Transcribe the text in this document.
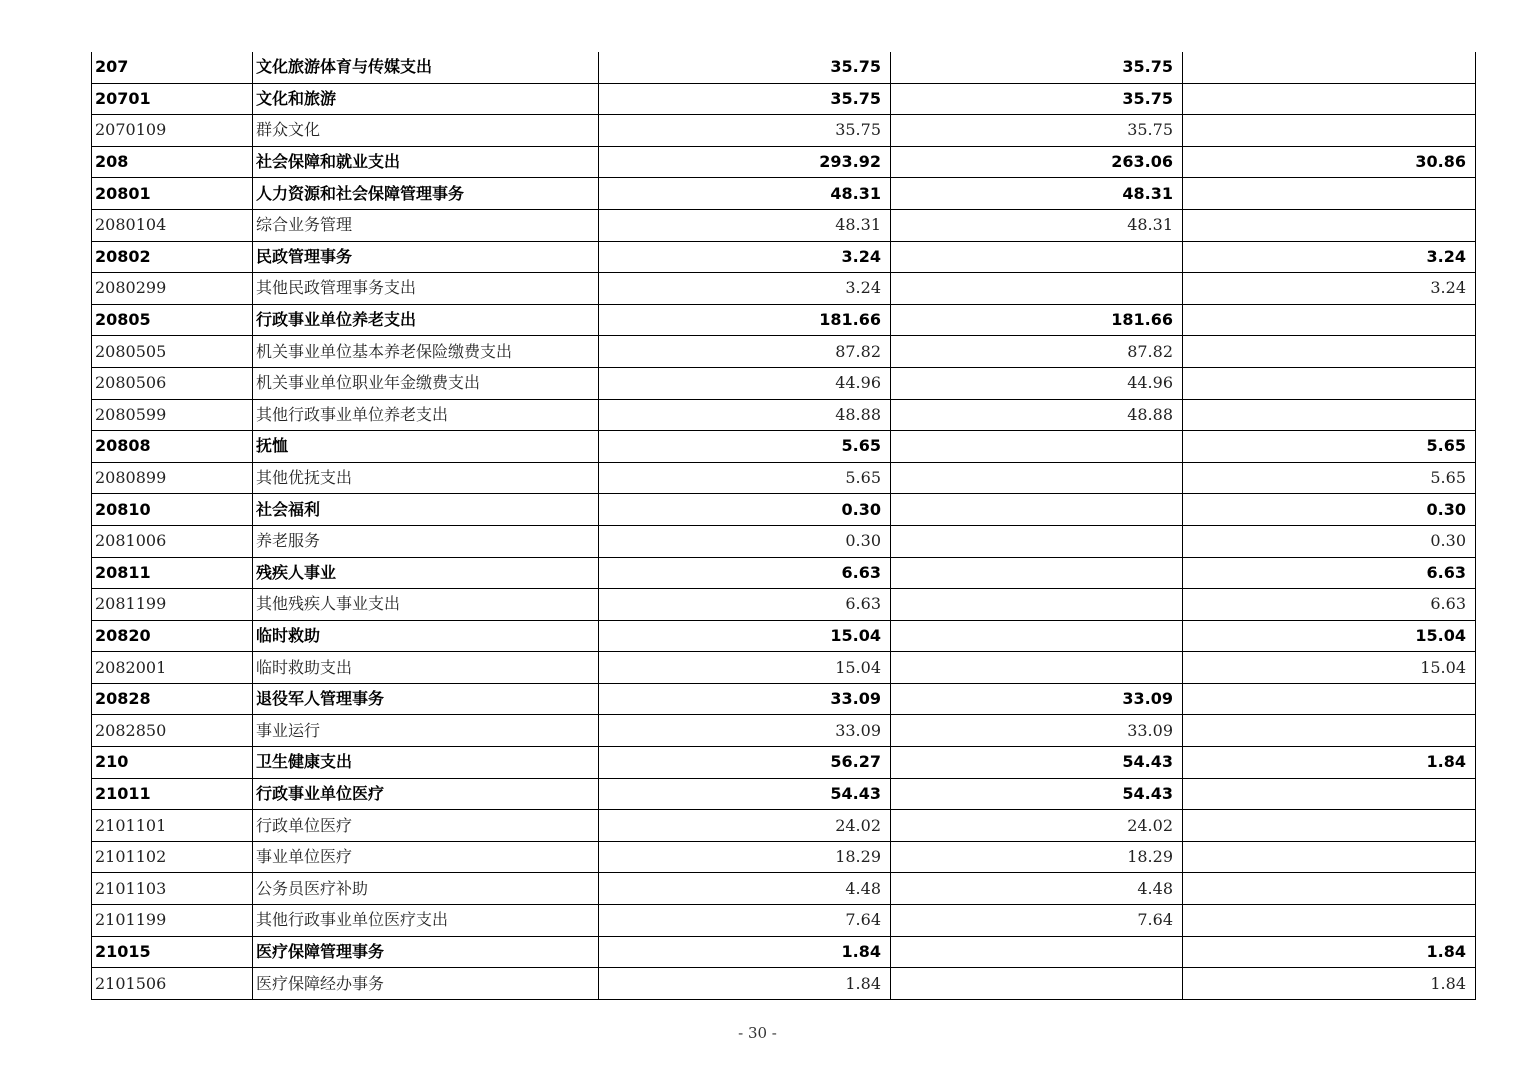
207	文化旅游体育与传媒支出	35.75	35.75	
20701	文化和旅游	35.75	35.75	
2070109	群众文化	35.75	35.75	
208	社会保障和就业支出	293.92	263.06	30.86
20801	人力资源和社会保障管理事务	48.31	48.31	
2080104	综合业务管理	48.31	48.31	
20802	民政管理事务	3.24		3.24
2080299	其他民政管理事务支出	3.24		3.24
20805	行政事业单位养老支出	181.66	181.66	
2080505	机关事业单位基本养老保险缴费支出	87.82	87.82	
2080506	机关事业单位职业年金缴费支出	44.96	44.96	
2080599	其他行政事业单位养老支出	48.88	48.88	
20808	抚恤	5.65		5.65
2080899	其他优抚支出	5.65		5.65
20810	社会福利	0.30		0.30
2081006	养老服务	0.30		0.30
20811	残疾人事业	6.63		6.63
2081199	其他残疾人事业支出	6.63		6.63
20820	临时救助	15.04		15.04
2082001	临时救助支出	15.04		15.04
20828	退役军人管理事务	33.09	33.09	
2082850	事业运行	33.09	33.09	
210	卫生健康支出	56.27	54.43	1.84
21011	行政事业单位医疗	54.43	54.43	
2101101	行政单位医疗	24.02	24.02	
2101102	事业单位医疗	18.29	18.29	
2101103	公务员医疗补助	4.48	4.48	
2101199	其他行政事业单位医疗支出	7.64	7.64	
21015	医疗保障管理事务	1.84		1.84
2101506	医疗保障经办事务	1.84		1.84
- 30 -
